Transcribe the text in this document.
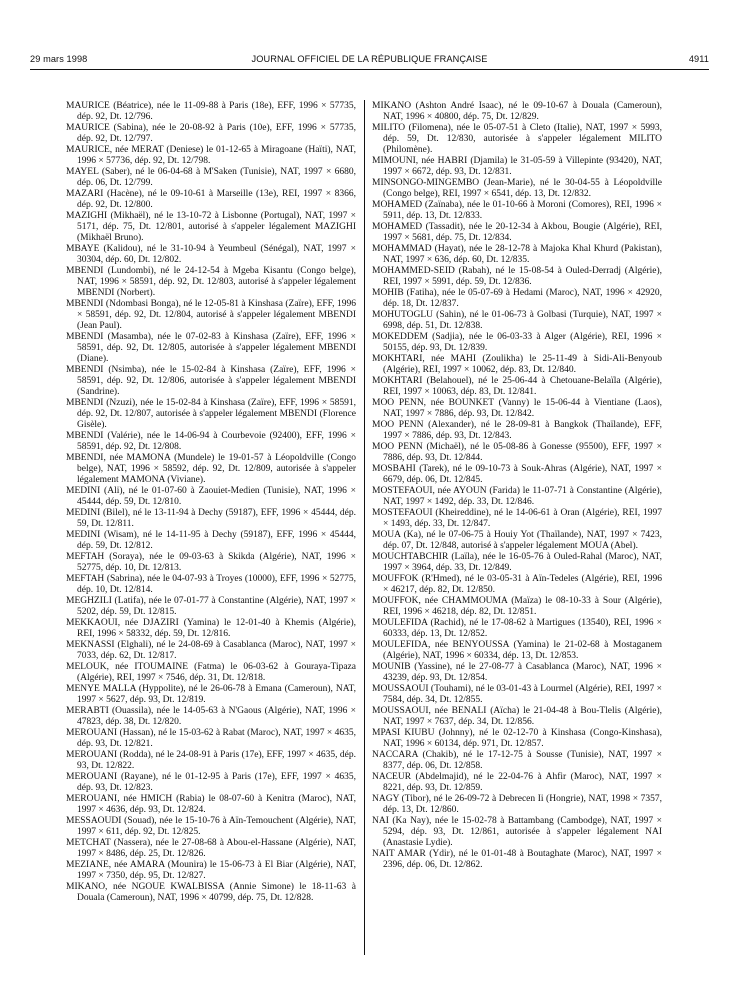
29 mars 1998	JOURNAL OFFICIEL DE LA RÉPUBLIQUE FRANÇAISE	4911

MAURICE (Béatrice), née le 11-09-88 à Paris (18e), EFF, 1996 × 57735, dép. 92, Dt. 12/796.

MAURICE (Sabina), née le 20-08-92 à Paris (10e), EFF, 1996 × 57735, dép. 92, Dt. 12/797.

MAURICE, née MERAT (Deniese) le 01-12-65 à Miragoane (Haïti), NAT, 1996 × 57736, dép. 92, Dt. 12/798.

MAYEL (Saber), né le 06-04-68 à M'Saken (Tunisie), NAT, 1997 × 6680, dép. 06, Dt. 12/799.

MAZARI (Hacène), né le 09-10-61 à Marseille (13e), REI, 1997 × 8366, dép. 92, Dt. 12/800.

MAZIGHI (Mikhaël), né le 13-10-72 à Lisbonne (Portugal), NAT, 1997 × 5171, dép. 75, Dt. 12/801, autorisé à s'appeler légalement MAZIGHI (Mikhaël Bruno).

MBAYE (Kalidou), né le 31-10-94 à Yeumbeul (Sénégal), NAT, 1997 × 30304, dép. 60, Dt. 12/802.

MBENDI (Lundombi), né le 24-12-54 à Mgeba Kisantu (Congo belge), NAT, 1996 × 58591, dép. 92, Dt. 12/803, autorisé à s'appeler légalement MBENDI (Norbert).

MBENDI (Ndombasi Bonga), né le 12-05-81 à Kinshasa (Zaïre), EFF, 1996 × 58591, dép. 92, Dt. 12/804, autorisé à s'appeler légalement MBENDI (Jean Paul).

MBENDI (Masamba), née le 07-02-83 à Kinshasa (Zaïre), EFF, 1996 × 58591, dép. 92, Dt. 12/805, autorisée à s'appeler légalement MBENDI (Diane).

MBENDI (Nsimba), née le 15-02-84 à Kinshasa (Zaïre), EFF, 1996 × 58591, dép. 92, Dt. 12/806, autorisée à s'appeler légalement MBENDI (Sandrine).

MBENDI (Nzuzi), née le 15-02-84 à Kinshasa (Zaïre), EFF, 1996 × 58591, dép. 92, Dt. 12/807, autorisée à s'appeler légalement MBENDI (Florence Gisèle).

MBENDI (Valérie), née le 14-06-94 à Courbevoie (92400), EFF, 1996 × 58591, dép. 92, Dt. 12/808.

MBENDI, née MAMONA (Mundele) le 19-01-57 à Léopoldville (Congo belge), NAT, 1996 × 58592, dép. 92, Dt. 12/809, autorisée à s'appeler légalement MAMONA (Viviane).

MEDINI (Ali), né le 01-07-60 à Zaouiet-Medien (Tunisie), NAT, 1996 × 45444, dép. 59, Dt. 12/810.

MEDINI (Bilel), né le 13-11-94 à Dechy (59187), EFF, 1996 × 45444, dép. 59, Dt. 12/811.

MEDINI (Wisam), né le 14-11-95 à Dechy (59187), EFF, 1996 × 45444, dép. 59, Dt. 12/812.

MEFTAH (Soraya), née le 09-03-63 à Skikda (Algérie), NAT, 1996 × 52775, dép. 10, Dt. 12/813.

MEFTAH (Sabrina), née le 04-07-93 à Troyes (10000), EFF, 1996 × 52775, dép. 10, Dt. 12/814.

MEGHZILI (Latifa), née le 07-01-77 à Constantine (Algérie), NAT, 1997 × 5202, dép. 59, Dt. 12/815.

MEKKAOUI, née DJAZIRI (Yamina) le 12-01-40 à Khemis (Algérie), REI, 1996 × 58332, dép. 59, Dt. 12/816.

MEKNASSI (Elghali), né le 24-08-69 à Casablanca (Maroc), NAT, 1997 × 7033, dép. 62, Dt. 12/817.

MELOUK, née ITOUMAINE (Fatma) le 06-03-62 à Gouraya-Tipaza (Algérie), REI, 1997 × 7546, dép. 31, Dt. 12/818.

MENYE MALLA (Hyppolite), né le 26-06-78 à Emana (Cameroun), NAT, 1997 × 5627, dép. 93, Dt. 12/819.

MERABTI (Ouassila), née le 14-05-63 à N'Gaous (Algérie), NAT, 1996 × 47823, dép. 38, Dt. 12/820.

MEROUANI (Hassan), né le 15-03-62 à Rabat (Maroc), NAT, 1997 × 4635, dép. 93, Dt. 12/821.

MEROUANI (Rodda), né le 24-08-91 à Paris (17e), EFF, 1997 × 4635, dép. 93, Dt. 12/822.

MEROUANI (Rayane), né le 01-12-95 à Paris (17e), EFF, 1997 × 4635, dép. 93, Dt. 12/823.

MEROUANI, née HMICH (Rabia) le 08-07-60 à Kenitra (Maroc), NAT, 1997 × 4636, dép. 93, Dt. 12/824.

MESSAOUDI (Souad), née le 15-10-76 à Aïn-Temouchent (Algérie), NAT, 1997 × 611, dép. 92, Dt. 12/825.

METCHAT (Nassera), née le 27-08-68 à Abou-el-Hassane (Algérie), NAT, 1997 × 8486, dép. 25, Dt. 12/826.

MEZIANE, née AMARA (Mounira) le 15-06-73 à El Biar (Algérie), NAT, 1997 × 7350, dép. 95, Dt. 12/827.

MIKANO, née NGOUE KWALBISSA (Annie Simone) le 18-11-63 à Douala (Cameroun), NAT, 1996 × 40799, dép. 75, Dt. 12/828.

MIKANO (Ashton André Isaac), né le 09-10-67 à Douala (Cameroun), NAT, 1996 × 40800, dép. 75, Dt. 12/829.

MILITO (Filomena), née le 05-07-51 à Cleto (Italie), NAT, 1997 × 5993, dép. 59, Dt. 12/830, autorisée à s'appeler légalement MILITO (Philomène).

MIMOUNI, née HABRI (Djamila) le 31-05-59 à Villepinte (93420), NAT, 1997 × 6672, dép. 93, Dt. 12/831.

MINSONGO-MINGEMBO (Jean-Marie), né le 30-04-55 à Léopoldville (Congo belge), REI, 1997 × 6541, dép. 13, Dt. 12/832.

MOHAMED (Zaïnaba), née le 01-10-66 à Moroni (Comores), REI, 1996 × 5911, dép. 13, Dt. 12/833.

MOHAMED (Tassadit), née le 20-12-34 à Akbou, Bougie (Algérie), REI, 1997 × 5681, dép. 75, Dt. 12/834.

MOHAMMAD (Hayat), née le 28-12-78 à Majoka Khal Khurd (Pakistan), NAT, 1997 × 636, dép. 60, Dt. 12/835.

MOHAMMED-SEID (Rabah), né le 15-08-54 à Ouled-Derradj (Algérie), REI, 1997 × 5991, dép. 59, Dt. 12/836.

MOHIB (Fatiha), née le 05-07-69 à Hedami (Maroc), NAT, 1996 × 42920, dép. 18, Dt. 12/837.

MOHUTOGLU (Sahin), né le 01-06-73 à Golbasi (Turquie), NAT, 1997 × 6998, dép. 51, Dt. 12/838.

MOKEDDEM (Sadjia), née le 06-03-33 à Alger (Algérie), REI, 1996 × 50155, dép. 93, Dt. 12/839.

MOKHTARI, née MAHI (Zoulikha) le 25-11-49 à Sidi-Ali-Benyoub (Algérie), REI, 1997 × 10062, dép. 83, Dt. 12/840.

MOKHTARI (Belahouel), né le 25-06-44 à Chetouane-Belaïla (Algérie), REI, 1997 × 10063, dép. 83, Dt. 12/841.

MOO PENN, née BOUNKET (Vanny) le 15-06-44 à Vientiane (Laos), NAT, 1997 × 7886, dép. 93, Dt. 12/842.

MOO PENN (Alexander), né le 28-09-81 à Bangkok (Thaïlande), EFF, 1997 × 7886, dép. 93, Dt. 12/843.

MOO PENN (Michaël), né le 05-08-86 à Gonesse (95500), EFF, 1997 × 7886, dép. 93, Dt. 12/844.

MOSBAHI (Tarek), né le 09-10-73 à Souk-Ahras (Algérie), NAT, 1997 × 6679, dép. 06, Dt. 12/845.

MOSTEFAOUI, née AYOUN (Farida) le 11-07-71 à Constantine (Algérie), NAT, 1997 × 1492, dép. 33, Dt. 12/846.

MOSTEFAOUI (Kheireddine), né le 14-06-61 à Oran (Algérie), REI, 1997 × 1493, dép. 33, Dt. 12/847.

MOUA (Ka), né le 07-06-75 à Houiy Yot (Thaïlande), NAT, 1997 × 7423, dép. 07, Dt. 12/848, autorisé à s'appeler légalement MOUA (Abel).

MOUCHTABCHIR (Laïla), née le 16-05-76 à Ouled-Rahal (Maroc), NAT, 1997 × 3964, dép. 33, Dt. 12/849.

MOUFFOK (R'Hmed), né le 03-05-31 à Aïn-Tedeles (Algérie), REI, 1996 × 46217, dép. 82, Dt. 12/850.

MOUFFOK, née CHAMMOUMA (Maïza) le 08-10-33 à Sour (Algérie), REI, 1996 × 46218, dép. 82, Dt. 12/851.

MOULEFIDA (Rachid), né le 17-08-62 à Martigues (13540), REI, 1996 × 60333, dép. 13, Dt. 12/852.

MOULEFIDA, née BENYOUSSA (Yamina) le 21-02-68 à Mostaganem (Algérie), NAT, 1996 × 60334, dép. 13, Dt. 12/853.

MOUNIB (Yassine), né le 27-08-77 à Casablanca (Maroc), NAT, 1996 × 43239, dép. 93, Dt. 12/854.

MOUSSAOUI (Touhami), né le 03-01-43 à Lourmel (Algérie), REI, 1997 × 7584, dép. 34, Dt. 12/855.

MOUSSAOUI, née BENALI (Aïcha) le 21-04-48 à Bou-Tlelis (Algérie), NAT, 1997 × 7637, dép. 34, Dt. 12/856.

MPASI KIUBU (Johnny), né le 02-12-70 à Kinshasa (Congo-Kinshasa), NAT, 1996 × 60134, dép. 971, Dt. 12/857.

NACCARA (Chakib), né le 17-12-75 à Sousse (Tunisie), NAT, 1997 × 8377, dép. 06, Dt. 12/858.

NACEUR (Abdelmajid), né le 22-04-76 à Ahfir (Maroc), NAT, 1997 × 8221, dép. 93, Dt. 12/859.

NAGY (Tibor), né le 26-09-72 à Debrecen Ii (Hongrie), NAT, 1998 × 7357, dép. 13, Dt. 12/860.

NAI (Ka Nay), née le 15-02-78 à Battambang (Cambodge), NAT, 1997 × 5294, dép. 93, Dt. 12/861, autorisée à s'appeler légalement NAI (Anastasie Lydie).

NAIT AMAR (Ydir), né le 01-01-48 à Boutaghate (Maroc), NAT, 1997 × 2396, dép. 06, Dt. 12/862.
